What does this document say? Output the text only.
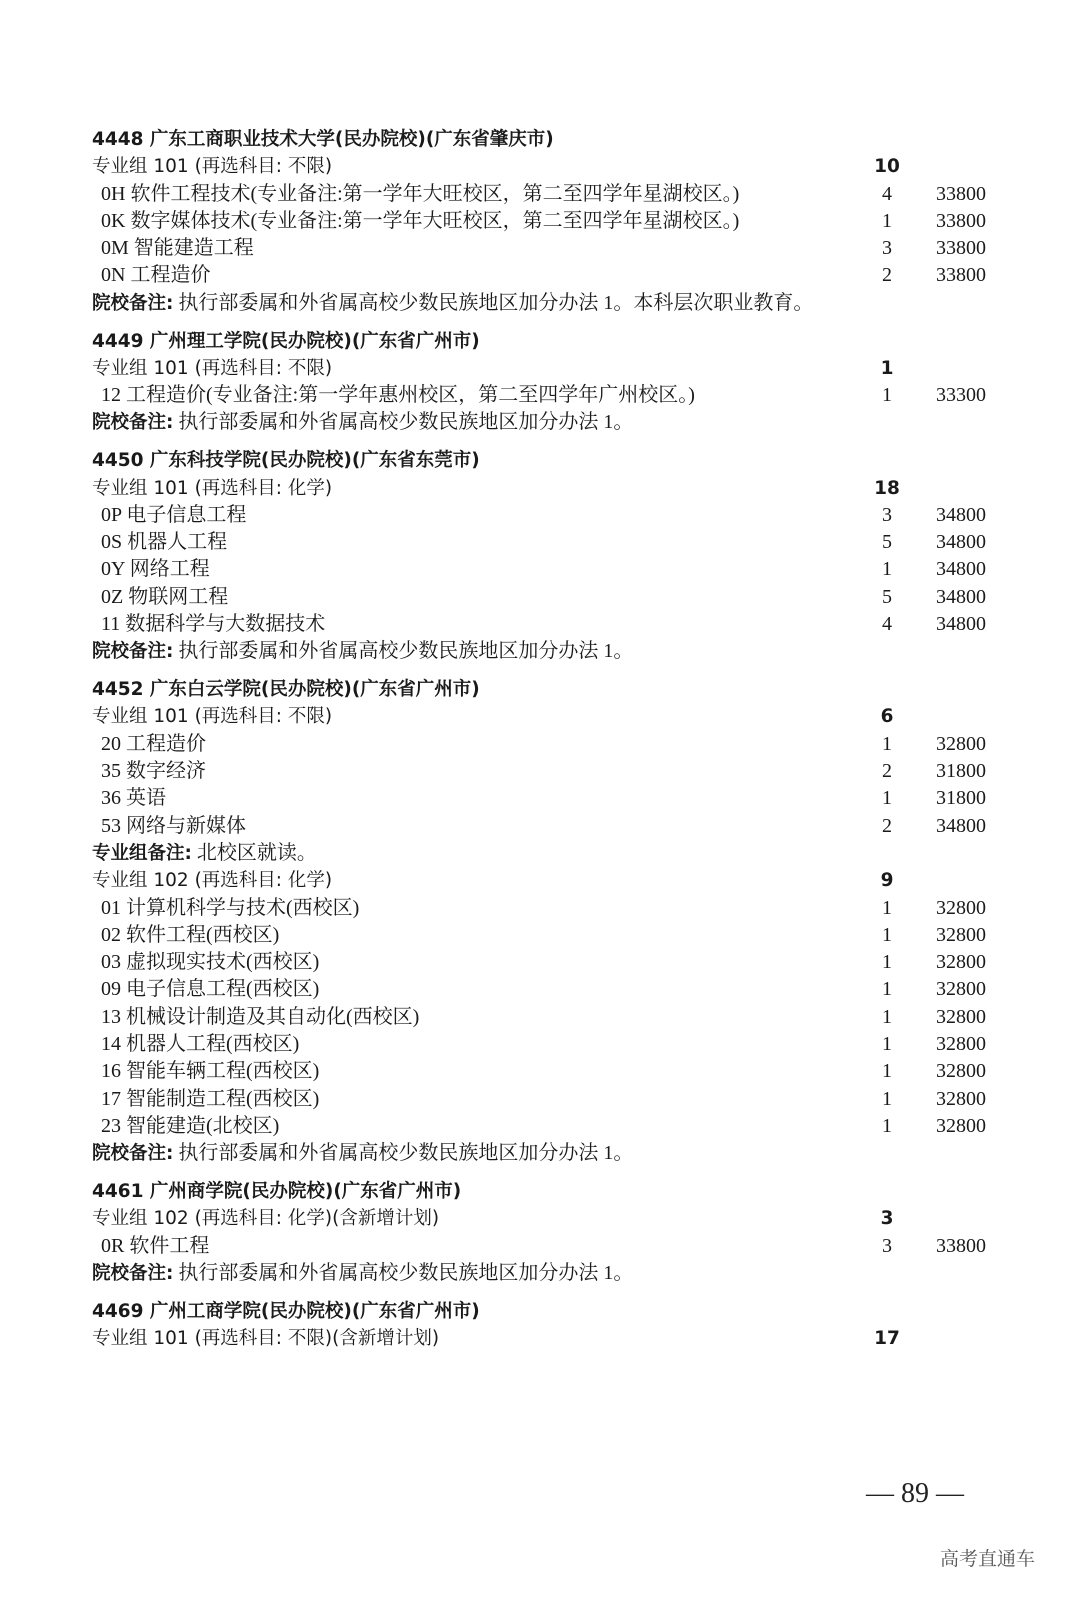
4448 广东工商职业技术大学(民办院校)(广东省肇庆市)
专业组 101 (再选科目: 不限)	10
0H 软件工程技术(专业备注:第一学年大旺校区，第二至四学年星湖校区。)	4	33800
0K 数字媒体技术(专业备注:第一学年大旺校区，第二至四学年星湖校区。)	1	33800
0M 智能建造工程	3	33800
0N 工程造价	2	33800
院校备注: 执行部委属和外省属高校少数民族地区加分办法 1。本科层次职业教育。
4449 广州理工学院(民办院校)(广东省广州市)
专业组 101 (再选科目: 不限)	1
12 工程造价(专业备注:第一学年惠州校区，第二至四学年广州校区。)	1	33300
院校备注: 执行部委属和外省属高校少数民族地区加分办法 1。
4450 广东科技学院(民办院校)(广东省东莞市)
专业组 101 (再选科目: 化学)	18
0P 电子信息工程	3	34800
0S 机器人工程	5	34800
0Y 网络工程	1	34800
0Z 物联网工程	5	34800
11 数据科学与大数据技术	4	34800
院校备注: 执行部委属和外省属高校少数民族地区加分办法 1。
4452 广东白云学院(民办院校)(广东省广州市)
专业组 101 (再选科目: 不限)	6
20 工程造价	1	32800
35 数字经济	2	31800
36 英语	1	31800
53 网络与新媒体	2	34800
专业组备注: 北校区就读。
专业组 102 (再选科目: 化学)	9
01 计算机科学与技术(西校区)	1	32800
02 软件工程(西校区)	1	32800
03 虚拟现实技术(西校区)	1	32800
09 电子信息工程(西校区)	1	32800
13 机械设计制造及其自动化(西校区)	1	32800
14 机器人工程(西校区)	1	32800
16 智能车辆工程(西校区)	1	32800
17 智能制造工程(西校区)	1	32800
23 智能建造(北校区)	1	32800
院校备注: 执行部委属和外省属高校少数民族地区加分办法 1。
4461 广州商学院(民办院校)(广东省广州市)
专业组 102 (再选科目: 化学)(含新增计划)	3
0R 软件工程	3	33800
院校备注: 执行部委属和外省属高校少数民族地区加分办法 1。
4469 广州工商学院(民办院校)(广东省广州市)
专业组 101 (再选科目: 不限)(含新增计划)	17
— 89 —
高考直通车
